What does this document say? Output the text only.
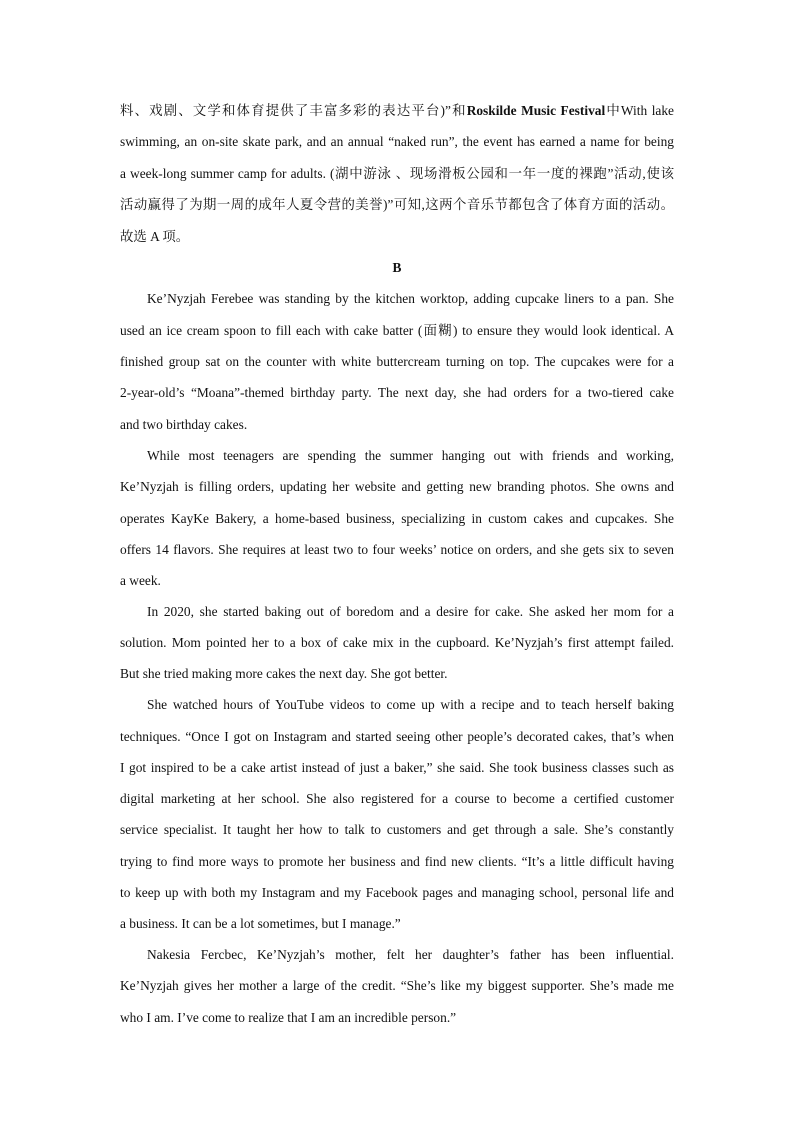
料、戏剧、文学和体育提供了丰富多彩的表达平台)”和Roskilde Music Festival中With lake
swimming, an on-site skate park, and an annual “naked run”, the event has earned a name for being
a week-long summer camp for adults. (湖中游泳 、现场滑板公园和一年一度的裸跑”活动,使该
活动赢得了为期一周的成年人夏令营的美誉)”可知,这两个音乐节都包含了体育方面的活动。
故选 A 项。
B
Ke’Nyzjah Ferebee was standing by the kitchen worktop, adding cupcake liners to a pan. She
used an ice cream spoon to fill each with cake batter (面糊) to ensure they would look identical. A
finished group sat on the counter with white buttercream turning on top. The cupcakes were for a
2-year-old’s “Moana”-themed birthday party. The next day, she had orders for a two-tiered cake
and two birthday cakes.
While most teenagers are spending the summer hanging out with friends and working,
Ke’Nyzjah is filling orders, updating her website and getting new branding photos. She owns and
operates KayKe Bakery, a home-based business, specializing in custom cakes and cupcakes. She
offers 14 flavors. She requires at least two to four weeks’ notice on orders, and she gets six to seven
a week.
In 2020, she started baking out of boredom and a desire for cake. She asked her mom for a
solution. Mom pointed her to a box of cake mix in the cupboard. Ke’Nyzjah’s first attempt failed.
But she tried making more cakes the next day. She got better.
She watched hours of YouTube videos to come up with a recipe and to teach herself baking
techniques. “Once I got on Instagram and started seeing other people’s decorated cakes, that’s when
I got inspired to be a cake artist instead of just a baker,” she said. She took business classes such as
digital marketing at her school. She also registered for a course to become a certified customer
service specialist. It taught her how to talk to customers and get through a sale. She’s constantly
trying to find more ways to promote her business and find new clients. “It’s a little difficult having
to keep up with both my Instagram and my Facebook pages and managing school, personal life and
a business. It can be a lot sometimes, but I manage.”
Nakesia Fercbec, Ke’Nyzjah’s mother, felt her daughter’s father has been influential.
Ke’Nyzjah gives her mother a large of the credit. “She’s like my biggest supporter. She’s made me
who I am. I’ve come to realize that I am an incredible person.”
